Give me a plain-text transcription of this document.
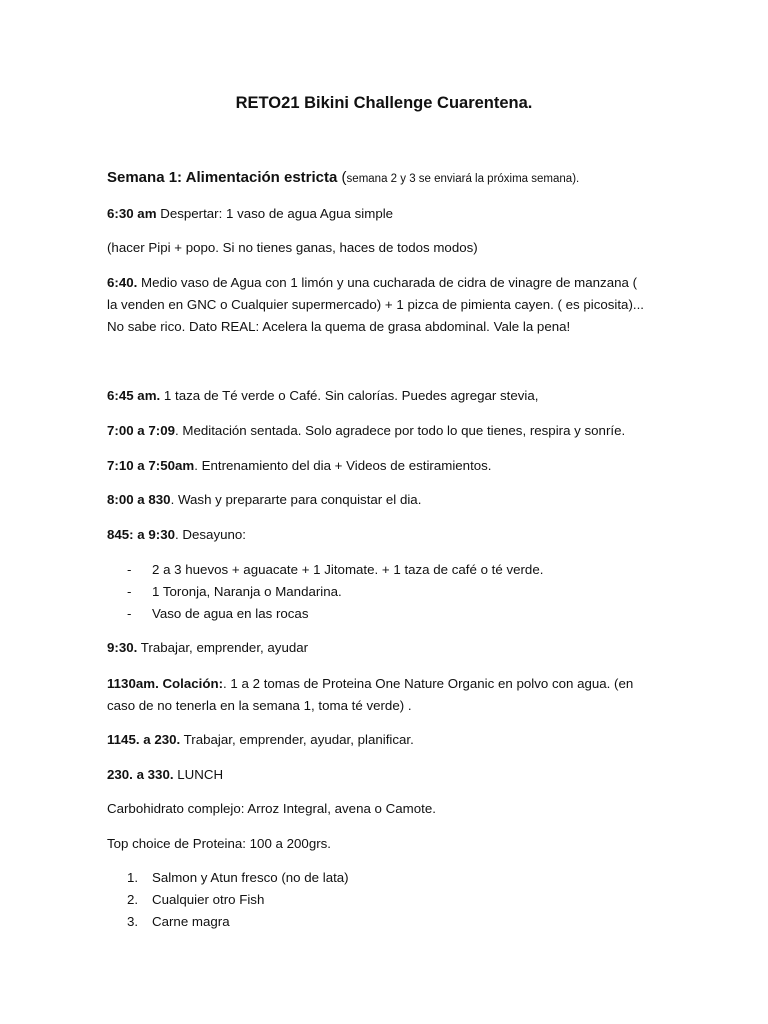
RETO21 Bikini Challenge Cuarentena.

Semana 1: Alimentación estricta (semana 2 y 3 se enviará la próxima semana).

6:30 am Despertar: 1 vaso de agua Agua simple

(hacer Pipi + popo. Si no tienes ganas, haces de todos modos)

6:40. Medio vaso de Agua con 1 limón y una cucharada de cidra de vinagre de manzana (

la venden en GNC o Cualquier supermercado) + 1 pizca de pimienta cayen. ( es picosita)...

No sabe rico. Dato REAL: Acelera la quema de grasa abdominal. Vale la pena!

6:45 am. 1 taza de Té verde o Café. Sin calorías. Puedes agregar stevia,

7:00 a 7:09. Meditación sentada. Solo agradece por todo lo que tienes, respira y sonríe.

7:10 a 7:50am. Entrenamiento del dia + Videos de estiramientos.

8:00 a 830. Wash y prepararte para conquistar el dia.

845: a 9:30. Desayuno:

- 2 a 3 huevos + aguacate + 1 Jitomate. + 1 taza de café o té verde.
- 1 Toronja, Naranja o Mandarina.
- Vaso de agua en las rocas

9:30. Trabajar, emprender, ayudar

1130am. Colación:. 1 a 2 tomas de Proteina One Nature Organic en polvo con agua. (en

caso de no tenerla en la semana 1, toma té verde) .

1145. a 230. Trabajar, emprender, ayudar, planificar.

230. a 330. LUNCH

Carbohidrato complejo: Arroz Integral, avena o Camote.

Top choice de Proteina: 100 a 200grs.

1. Salmon y Atun fresco (no de lata)
2. Cualquier otro Fish
3. Carne magra
